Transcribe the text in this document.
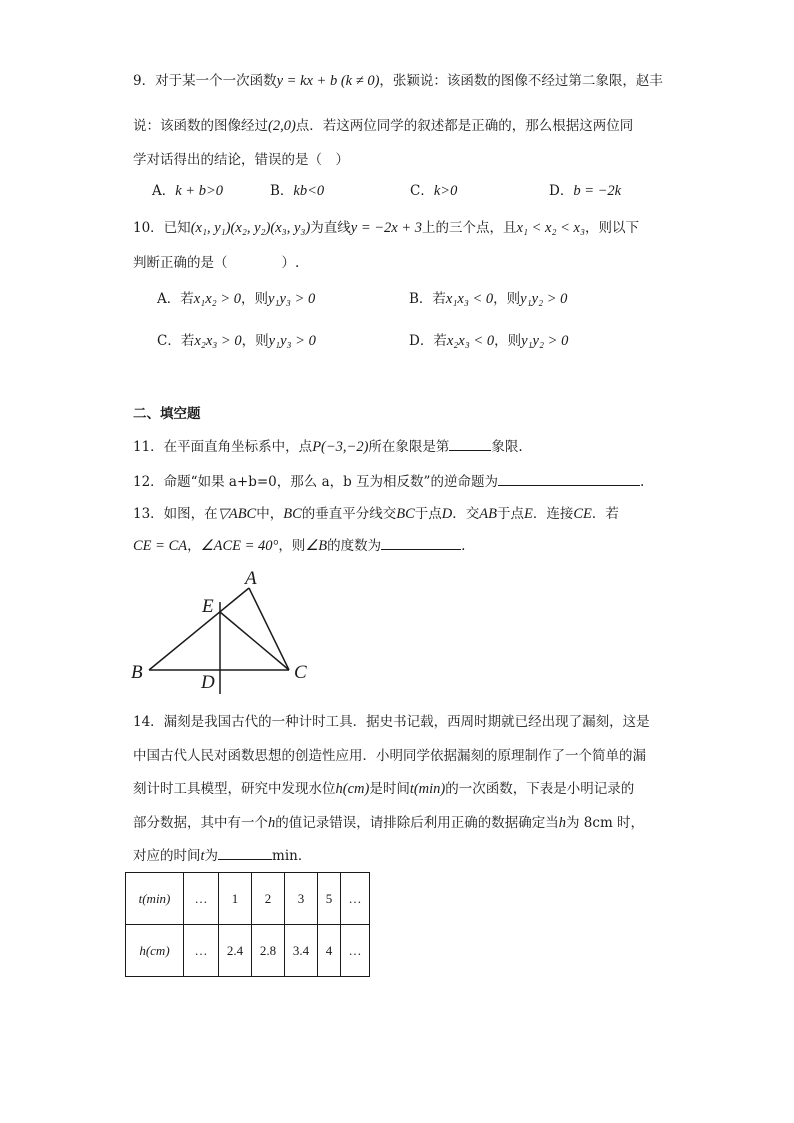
9．对于某一个一次函数y = kx + b (k ≠ 0)，张颖说：该函数的图像不经过第二象限，赵丰
说：该函数的图像经过(2,0)点．若这两位同学的叙述都是正确的，那么根据这两位同
学对话得出的结论，错误的是（　）
A．k + b>0	B．kb<0	C．k>0	D．b = −2k
10．已知(x₁, y₁)(x₂, y₂)(x₃, y₃)为直线y = −2x + 3上的三个点，且x₁ < x₂ < x₃，则以下
判断正确的是（　　　　）.
A．若x₁x₂ > 0，则y₁y₃ > 0	B．若x₁x₃ < 0，则y₁y₂ > 0
C．若x₂x₃ > 0，则y₁y₃ > 0	D．若x₂x₃ < 0，则y₁y₂ > 0
二、填空题
11．在平面直角坐标系中，点P(−3,−2)所在象限是第	象限.
12．命题“如果 a+b=0，那么 a，b 互为相反数”的逆命题为	.
13．如图，在▽ABC中，BC的垂直平分线交BC于点D．交AB于点E．连接CE．若
CE = CA，∠ACE = 40°，则∠B的度数为	.
A
B	C
D
E
14．漏刻是我国古代的一种计时工具．据史书记载，西周时期就已经出现了漏刻，这是
中国古代人民对函数思想的创造性应用．小明同学依据漏刻的原理制作了一个简单的漏
刻计时工具模型，研究中发现水位h(cm)是时间t(min)的一次函数，下表是小明记录的
部分数据，其中有一个h的值记录错误，请排除后利用正确的数据确定当h为 8cm 时，
对应的时间t为	min．
t(min)	…	1	2	3	5	…
h(cm)	…	2.4	2.8	3.4	4	…
